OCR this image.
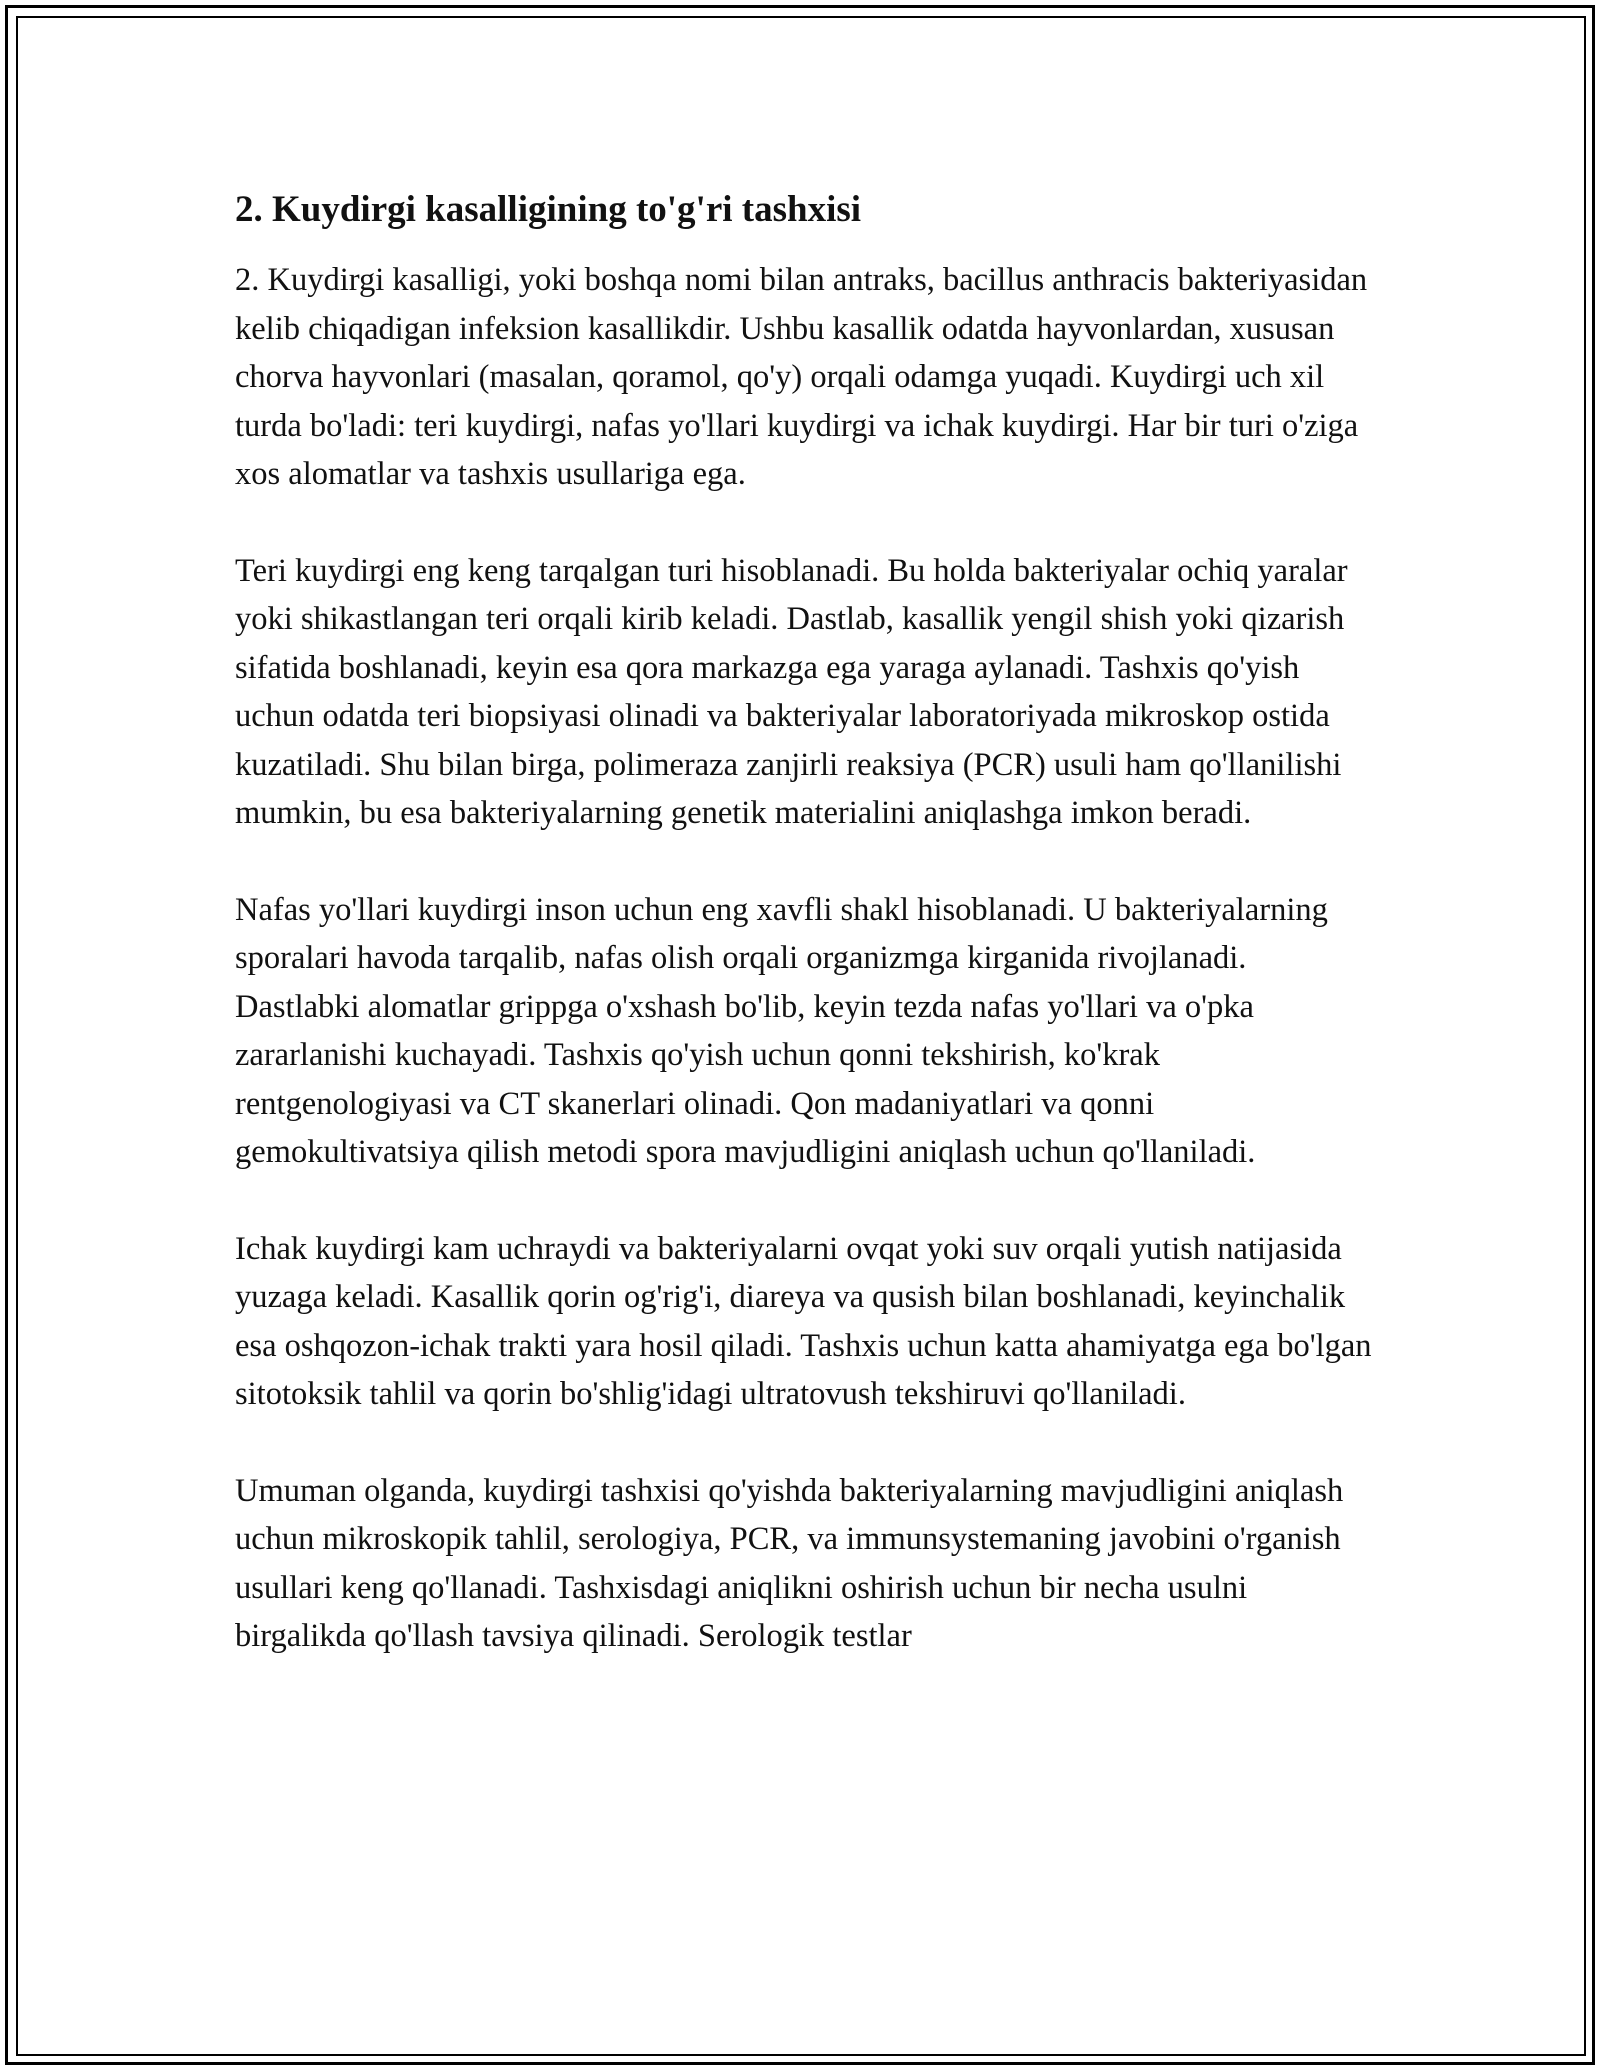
2. Kuydirgi kasalligining to'g'ri tashxisi

2. Kuydirgi kasalligi, yoki boshqa nomi bilan antraks, bacillus anthracis bakteriyasidan kelib chiqadigan infeksion kasallikdir. Ushbu kasallik odatda hayvonlardan, xususan chorva hayvonlari (masalan, qoramol, qo'y) orqali odamga yuqadi. Kuydirgi uch xil turda bo'ladi: teri kuydirgi, nafas yo'llari kuydirgi va ichak kuydirgi. Har bir turi o'ziga xos alomatlar va tashxis usullariga ega.

Teri kuydirgi eng keng tarqalgan turi hisoblanadi. Bu holda bakteriyalar ochiq yaralar yoki shikastlangan teri orqali kirib keladi. Dastlab, kasallik yengil shish yoki qizarish sifatida boshlanadi, keyin esa qora markazga ega yaraga aylanadi. Tashxis qo'yish uchun odatda teri biopsiyasi olinadi va bakteriyalar laboratoriyada mikroskop ostida kuzatiladi. Shu bilan birga, polimeraza zanjirli reaksiya (PCR) usuli ham qo'llanilishi mumkin, bu esa bakteriyalarning genetik materialini aniqlashga imkon beradi.

Nafas yo'llari kuydirgi inson uchun eng xavfli shakl hisoblanadi. U bakteriyalarning sporalari havoda tarqalib, nafas olish orqali organizmga kirganida rivojlanadi. Dastlabki alomatlar grippga o'xshash bo'lib, keyin tezda nafas yo'llari va o'pka zararlanishi kuchayadi. Tashxis qo'yish uchun qonni tekshirish, ko'krak rentgenologiyasi va CT skanerlari olinadi. Qon madaniyatlari va qonni gemokultivatsiya qilish metodi spora mavjudligini aniqlash uchun qo'llaniladi.

Ichak kuydirgi kam uchraydi va bakteriyalarni ovqat yoki suv orqali yutish natijasida yuzaga keladi. Kasallik qorin og'rig'i, diareya va qusish bilan boshlanadi, keyinchalik esa oshqozon-ichak trakti yara hosil qiladi. Tashxis uchun katta ahamiyatga ega bo'lgan sitotoksik tahlil va qorin bo'shlig'idagi ultratovush tekshiruvi qo'llaniladi.

Umuman olganda, kuydirgi tashxisi qo'yishda bakteriyalarning mavjudligini aniqlash uchun mikroskopik tahlil, serologiya, PCR, va immunsystemaning javobini o'rganish usullari keng qo'llanadi. Tashxisdagi aniqlikni oshirish uchun bir necha usulni birgalikda qo'llash tavsiya qilinadi. Serologik testlar
